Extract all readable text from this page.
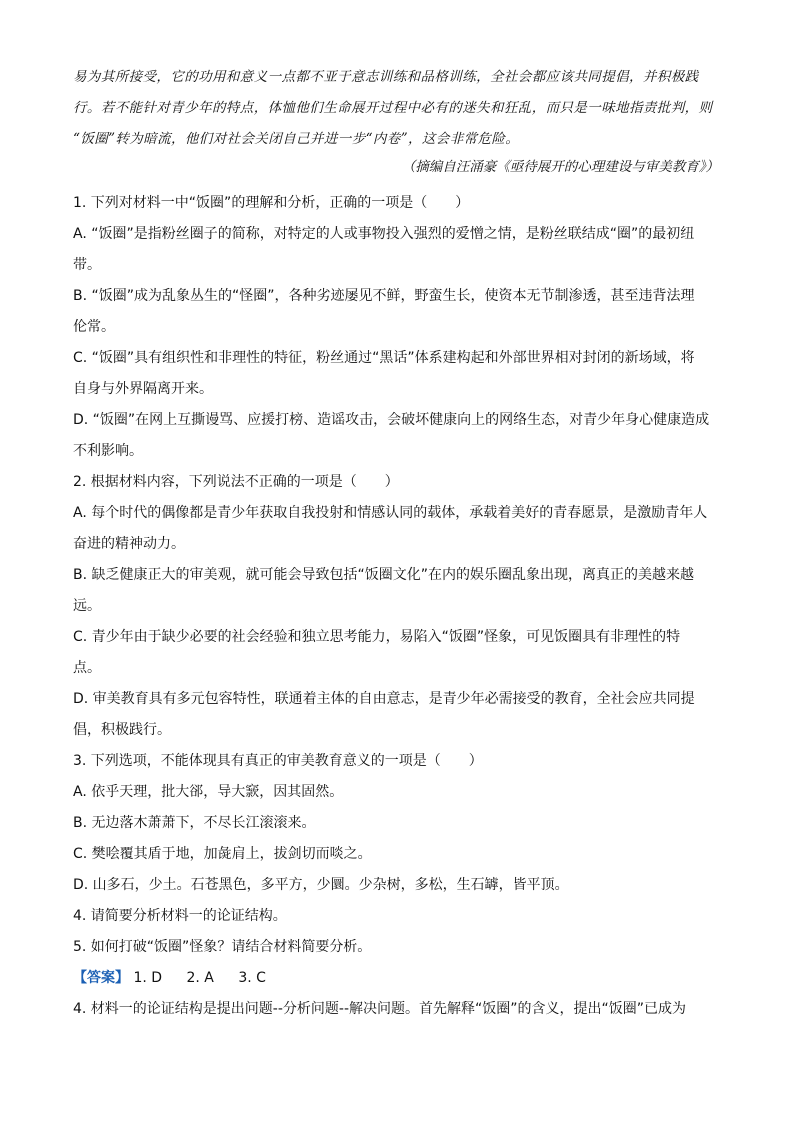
易为其所接受，它的功用和意义一点都不亚于意志训练和品格训练，全社会都应该共同提倡，并积极践

行。若不能针对青少年的特点，体恤他们生命展开过程中必有的迷失和狂乱，而只是一味地指责批判，则

“饭圈”转为暗流，他们对社会关闭自己并进一步“内卷”，这会非常危险。

（摘编自汪涌豪《亟待展开的心理建设与审美教育》）
1. 下列对材料一中“饭圈”的理解和分析，正确的一项是（　　）
A. “饭圈”是指粉丝圈子的简称，对特定的人或事物投入强烈的爱憎之情，是粉丝联结成“圈”的最初纽
带。
B. “饭圈”成为乱象丛生的“怪圈”，各种劣迹屡见不鲜，野蛮生长，使资本无节制渗透，甚至违背法理
伦常。
C. “饭圈”具有组织性和非理性的特征，粉丝通过“黑话”体系建构起和外部世界相对封闭的新场域，将
自身与外界隔离开来。
D. “饭圈”在网上互撕谩骂、应援打榜、造谣攻击，会破坏健康向上的网络生态，对青少年身心健康造成
不利影响。
2. 根据材料内容，下列说法不正确的一项是（　　）
A. 每个时代的偶像都是青少年获取自我投射和情感认同的载体，承载着美好的青春愿景，是激励青年人
奋进的精神动力。
B. 缺乏健康正大的审美观，就可能会导致包括“饭圈文化”在内的娱乐圈乱象出现，离真正的美越来越
远。
C. 青少年由于缺少必要的社会经验和独立思考能力，易陷入“饭圈”怪象，可见饭圈具有非理性的特
点。
D. 审美教育具有多元包容特性，联通着主体的自由意志，是青少年必需接受的教育，全社会应共同提
倡，积极践行。
3. 下列选项，不能体现具有真正的审美教育意义的一项是（　　）
A. 依乎天理，批大郤，导大窾，因其固然。
B. 无边落木萧萧下，不尽长江滚滚来。
C. 樊哙覆其盾于地，加彘肩上，拔剑切而啖之。
D. 山多石，少土。石苍黑色，多平方，少圜。少杂树，多松，生石罅，皆平顶。
4. 请简要分析材料一的论证结构。
5. 如何打破“饭圈”怪象？请结合材料简要分析。
【答案】 1. D 2. A 3. C
4. 材料一的论证结构是提出问题--分析问题--解决问题。首先解释“饭圈”的含义，提出“饭圈”已成为
